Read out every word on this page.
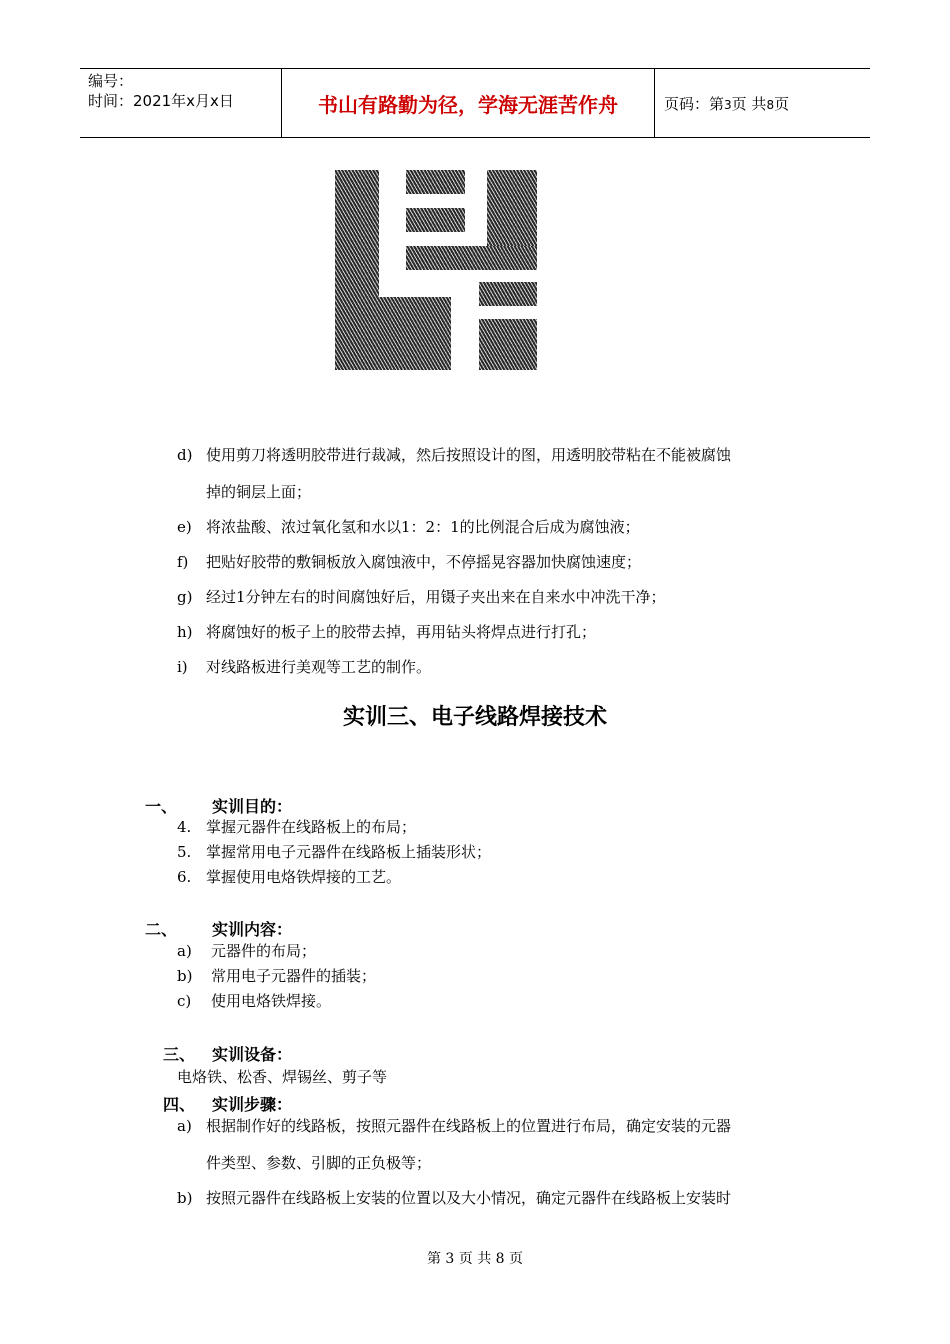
编号：
时间：2021年x月x日	书山有路勤为径，学海无涯苦作舟	页码：第3页 共8页
d) 使用剪刀将透明胶带进行裁减，然后按照设计的图，用透明胶带粘在不能被腐蚀
掉的铜层上面；
e) 将浓盐酸、浓过氧化氢和水以1：2：1的比例混合后成为腐蚀液；
f) 把贴好胶带的敷铜板放入腐蚀液中，不停摇晃容器加快腐蚀速度；
g) 经过1分钟左右的时间腐蚀好后，用镊子夹出来在自来水中冲洗干净；
h) 将腐蚀好的板子上的胶带去掉，再用钻头将焊点进行打孔；
i) 对线路板进行美观等工艺的制作。
实训三、电子线路焊接技术
一、 实训目的：
4. 掌握元器件在线路板上的布局；
5. 掌握常用电子元器件在线路板上插装形状；
6. 掌握使用电烙铁焊接的工艺。
二、 实训内容：
a) 元器件的布局；
b) 常用电子元器件的插装；
c) 使用电烙铁焊接。
三、 实训设备：
电烙铁、松香、焊锡丝、剪子等
四、 实训步骤：
a) 根据制作好的线路板，按照元器件在线路板上的位置进行布局，确定安装的元器
件类型、参数、引脚的正负极等；
b) 按照元器件在线路板上安装的位置以及大小情况，确定元器件在线路板上安装时
第 3 页 共 8 页
